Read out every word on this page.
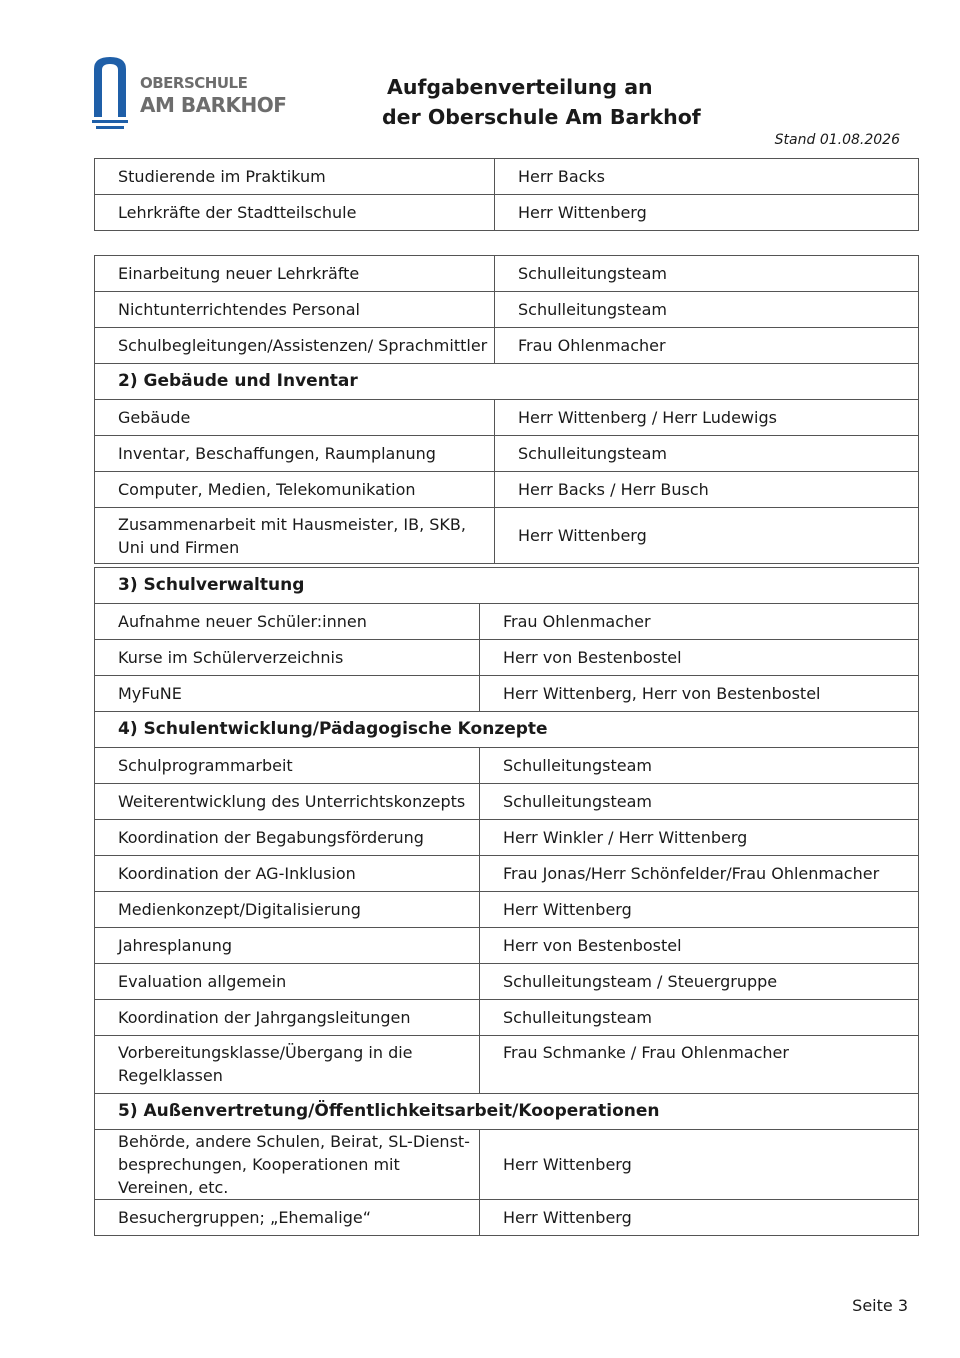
OBERSCHULE
AM BARKHOF
Aufgabenverteilung an
der Oberschule Am Barkhof
Stand 01.08.2026
Studierende im Praktikum	Herr Backs
Lehrkräfte der Stadtteilschule	Herr Wittenberg
Einarbeitung neuer Lehrkräfte	Schulleitungsteam
Nichtunterrichtendes Personal	Schulleitungsteam
Schulbegleitungen/Assistenzen/ Sprachmittler	Frau Ohlenmacher
2) Gebäude und Inventar	
Gebäude	Herr Wittenberg / Herr Ludewigs
Inventar, Beschaffungen, Raumplanung	Schulleitungsteam
Computer, Medien, Telekomunikation	Herr Backs / Herr Busch
Zusammenarbeit mit Hausmeister, IB, SKB, Uni und Firmen	Herr Wittenberg
3) Schulverwaltung	
Aufnahme neuer Schüler:innen	Frau Ohlenmacher
Kurse im Schülerverzeichnis	Herr von Bestenbostel
MyFuNE	Herr Wittenberg, Herr von Bestenbostel
4) Schulentwicklung/Pädagogische Konzepte	
Schulprogrammarbeit	Schulleitungsteam
Weiterentwicklung des Unterrichtskonzepts	Schulleitungsteam
Koordination der Begabungsförderung	Herr Winkler / Herr Wittenberg
Koordination der AG-Inklusion	Frau Jonas/Herr Schönfelder/Frau Ohlenmacher
Medienkonzept/Digitalisierung	Herr Wittenberg
Jahresplanung	Herr von Bestenbostel
Evaluation allgemein	Schulleitungsteam / Steuergruppe
Koordination der Jahrgangsleitungen	Schulleitungsteam
Vorbereitungsklasse/Übergang in die Regelklassen	Frau Schmanke / Frau Ohlenmacher
5) Außenvertretung/Öffentlichkeitsarbeit/Kooperationen	
Behörde, andere Schulen, Beirat, SL-Dienst-besprechungen, Kooperationen mit Vereinen, etc.	Herr Wittenberg
Besuchergruppen; „Ehemalige“	Herr Wittenberg
Seite 3
